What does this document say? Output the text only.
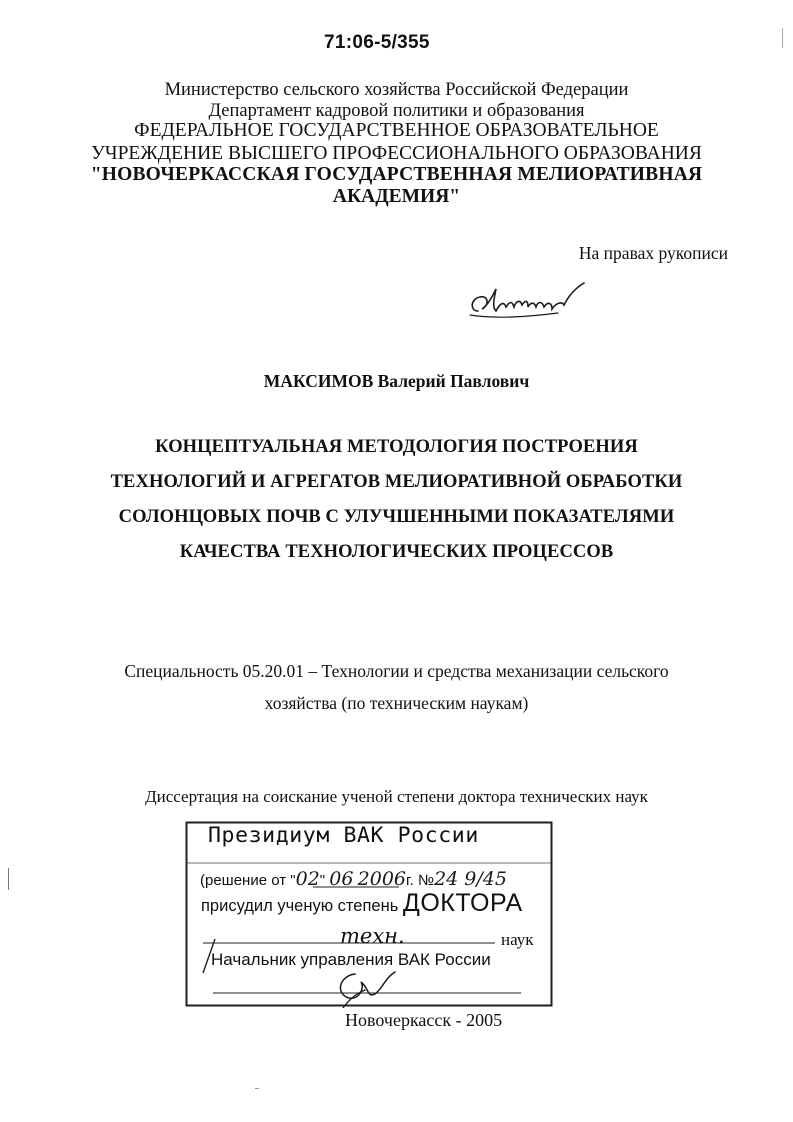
71:06-5/355
Министерство сельского хозяйства Российской Федерации
Департамент кадровой политики и образования
ФЕДЕРАЛЬНОЕ ГОСУДАРСТВЕННОЕ ОБРАЗОВАТЕЛЬНОЕ
УЧРЕЖДЕНИЕ ВЫСШЕГО ПРОФЕССИОНАЛЬНОГО ОБРАЗОВАНИЯ
"НОВОЧЕРКАССКАЯ ГОСУДАРСТВЕННАЯ МЕЛИОРАТИВНАЯ
АКАДЕМИЯ"
На правах рукописи
МАКСИМОВ Валерий Павлович
КОНЦЕПТУАЛЬНАЯ МЕТОДОЛОГИЯ ПОСТРОЕНИЯ
ТЕХНОЛОГИЙ И АГРЕГАТОВ МЕЛИОРАТИВНОЙ ОБРАБОТКИ
СОЛОНЦОВЫХ ПОЧВ С УЛУЧШЕННЫМИ ПОКАЗАТЕЛЯМИ
КАЧЕСТВА ТЕХНОЛОГИЧЕСКИХ ПРОЦЕССОВ
Специальность 05.20.01 – Технологии и средства механизации сельского
хозяйства (по техническим наукам)
Диссертация на соискание ученой степени доктора технических наук
Президиум ВАК России
(решение от "02" 06 2006г. №24 9/45
присудил ученую степень ДОКТОРА
техн.	наук
Начальник управления ВАК России
Новочеркасск - 2005
